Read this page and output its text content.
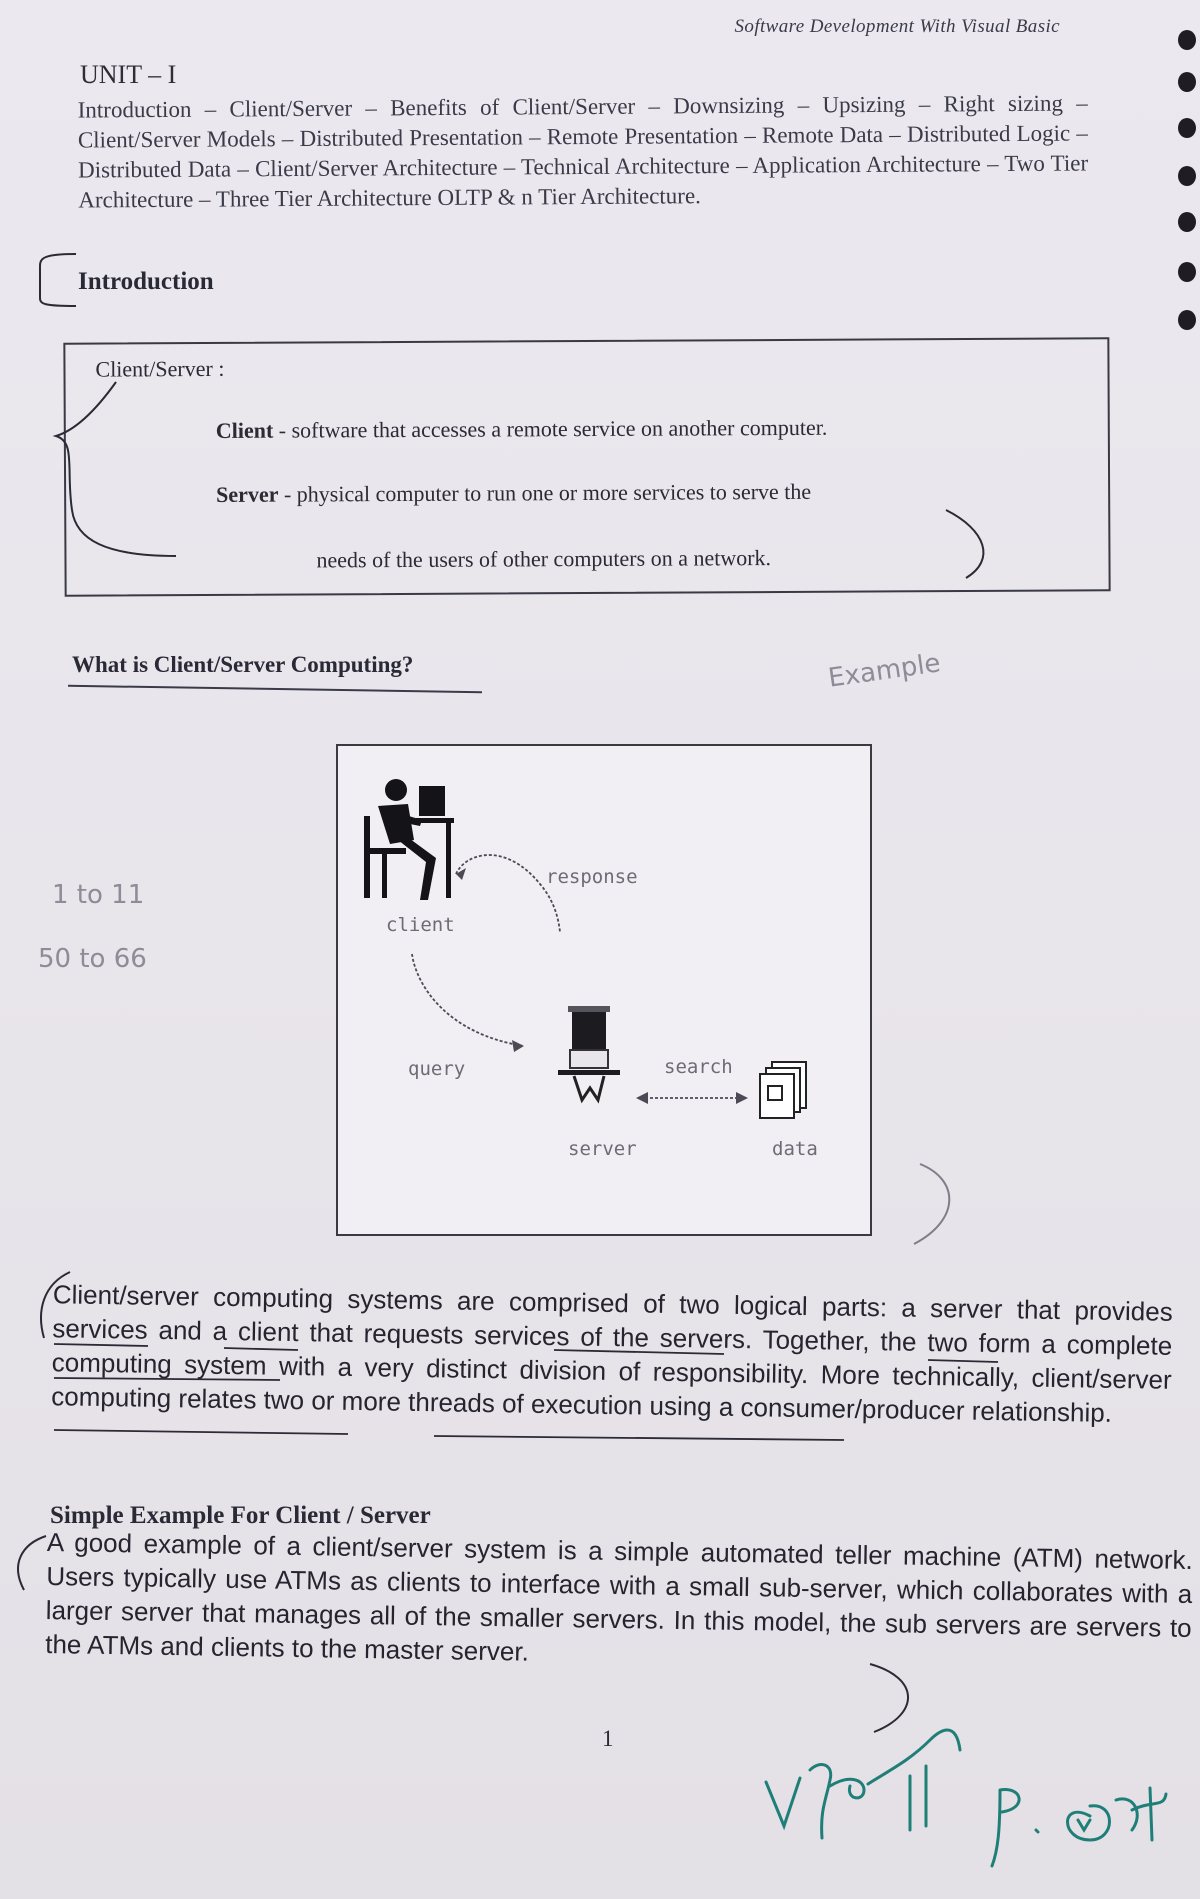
Software Development With Visual Basic
UNIT – I
Introduction – Client/Server – Benefits of Client/Server – Downsizing – Upsizing – Right sizing –Client/Server Models – Distributed Presentation – Remote Presentation – Remote Data – Distributed Logic – Distributed Data – Client/Server Architecture – Technical Architecture – Application Architecture – Two Tier Architecture – Three Tier Architecture OLTP & n Tier Architecture.
Introduction
Client/Server :
Client - software that accesses a remote service on another computer.
Server - physical computer to run one or more services to serve the
needs of the users of other computers on a network.
What is Client/Server Computing?
response
client
query	search
server	data
1 to 11
50 to 66
Example
Client/server computing systems are comprised of two logical parts: a server that provides services and a client that requests services of the servers. Together, the two form a complete computing system with a very distinct division of responsibility. More technically, client/server computing relates two or more threads of execution using a consumer/producer relationship.
Simple Example For Client / Server
A good example of a client/server system is a simple automated teller machine (ATM) network. Users typically use ATMs as clients to interface with a small sub-server, which collaborates with a larger server that manages all of the smaller servers. In this model, the sub servers are servers to the ATMs and clients to the master server.
1
